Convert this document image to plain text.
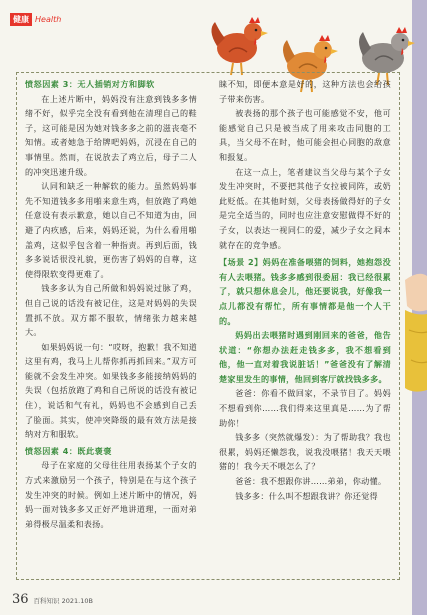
健康 Health

愤怒因素 3：无人插销对方和脚软

在上述片断中，妈妈没有注意到钱多多情绪不好，似乎完全没有看到他在清理自己的鞋子，这可能是因为她对钱多多之前的滋丧毫不知情。或者她急于给牌吧妈妈，沉浸在自己的事情里。然而，在说放去了鸡立后，母子二人的冲突迅速升级。

认同和缺乏一种解软的能力。虽然妈妈事先不知道钱多多用啪来意生鸡，但放跑了鸡她任意设有表示歉意，她以自己不知道为由，回避了内疚感，后来，妈妈还说，为什么看用啪盖鸡，这似乎包含着一种指责。再到后面，钱多多说话很没礼貌，更伤害了妈妈的自尊，这使得限软变得更难了。

钱多多认为自己所做和妈妈说过脉了鸡，但自己说的话没有被记住，这是对妈妈的失误置抓不放。双方都不服软，情绪张力越来越大。

如果妈妈说一句：“哎呀，抱歉！我不知道这里有鸡，我马上儿帮你抓再抓回来。”双方可能就不会发生冲突。如果钱多多能接纳妈妈的失误（包括放跑了鸡和自己所说的话没有被记住），说话和气有礼，妈妈也不会感到自己丢了脸面。其实，使冲突降级的最有效方法是接纳对方和服软。

愤怒因素 4：既此褒褒

母子在家庭的父母往往用表扬某个子女的方式来激励另一个孩子，特别是在与这个孩子发生冲突的时候。例如上述片断中的情况，妈妈一面对钱多多又正好严地讲道理，一面对弟弟得极尽温柔和表扬。

睐不知，即便本意是好的，这种方法也会给孩子带来伤害。

被表扬的那个孩子也可能感觉不安，他可能感觉自己只是被当成了用来攻击同胞的工具，当父母不在时，他可能会担心同胞的敌意和报复。

在这一点上，笔者建议当父母与某个子女发生冲突时，不要把其他子女拉被同阵，或奶此贬低。在其他时刻，父母表扬做得好的子女是完全适当的，同时也应注意安慰做得不好的子女，以表达一视同仁的爱，减少子女之间本就存在的竞争感。

【场景 2】妈妈在准备喂猪的饲料，她抱怨没有人去喂猪。钱多多感到很委屈：我已经很累了，就只想休息会儿，他还要说我，好像我一点儿都没有帮忙，所有事情都是他一个人干的。

妈妈出去喂猪时遇到刚回来的爸爸，他告状道：“你想办法赶走钱多多，我不想看到他，他一直对着我说脏话！”爸爸没有了解清楚家里发生的事情，他回到客厅就找钱多多。

爸爸：你看不做回家，不录节目了。妈妈不想看到你……我们得来这里真是……为了帮助你！

钱多多（突然就爆发）：为了帮助我？我也很累，妈妈还懒怨我，说我没喂猪！我天天喂猪的！我今天不喂怎么了？

爸爸：我不想跟你讲……弟弟，你动懂。

钱多多：什么叫不想跟我讲？你还觉得

36 百科知识 2021.10B
